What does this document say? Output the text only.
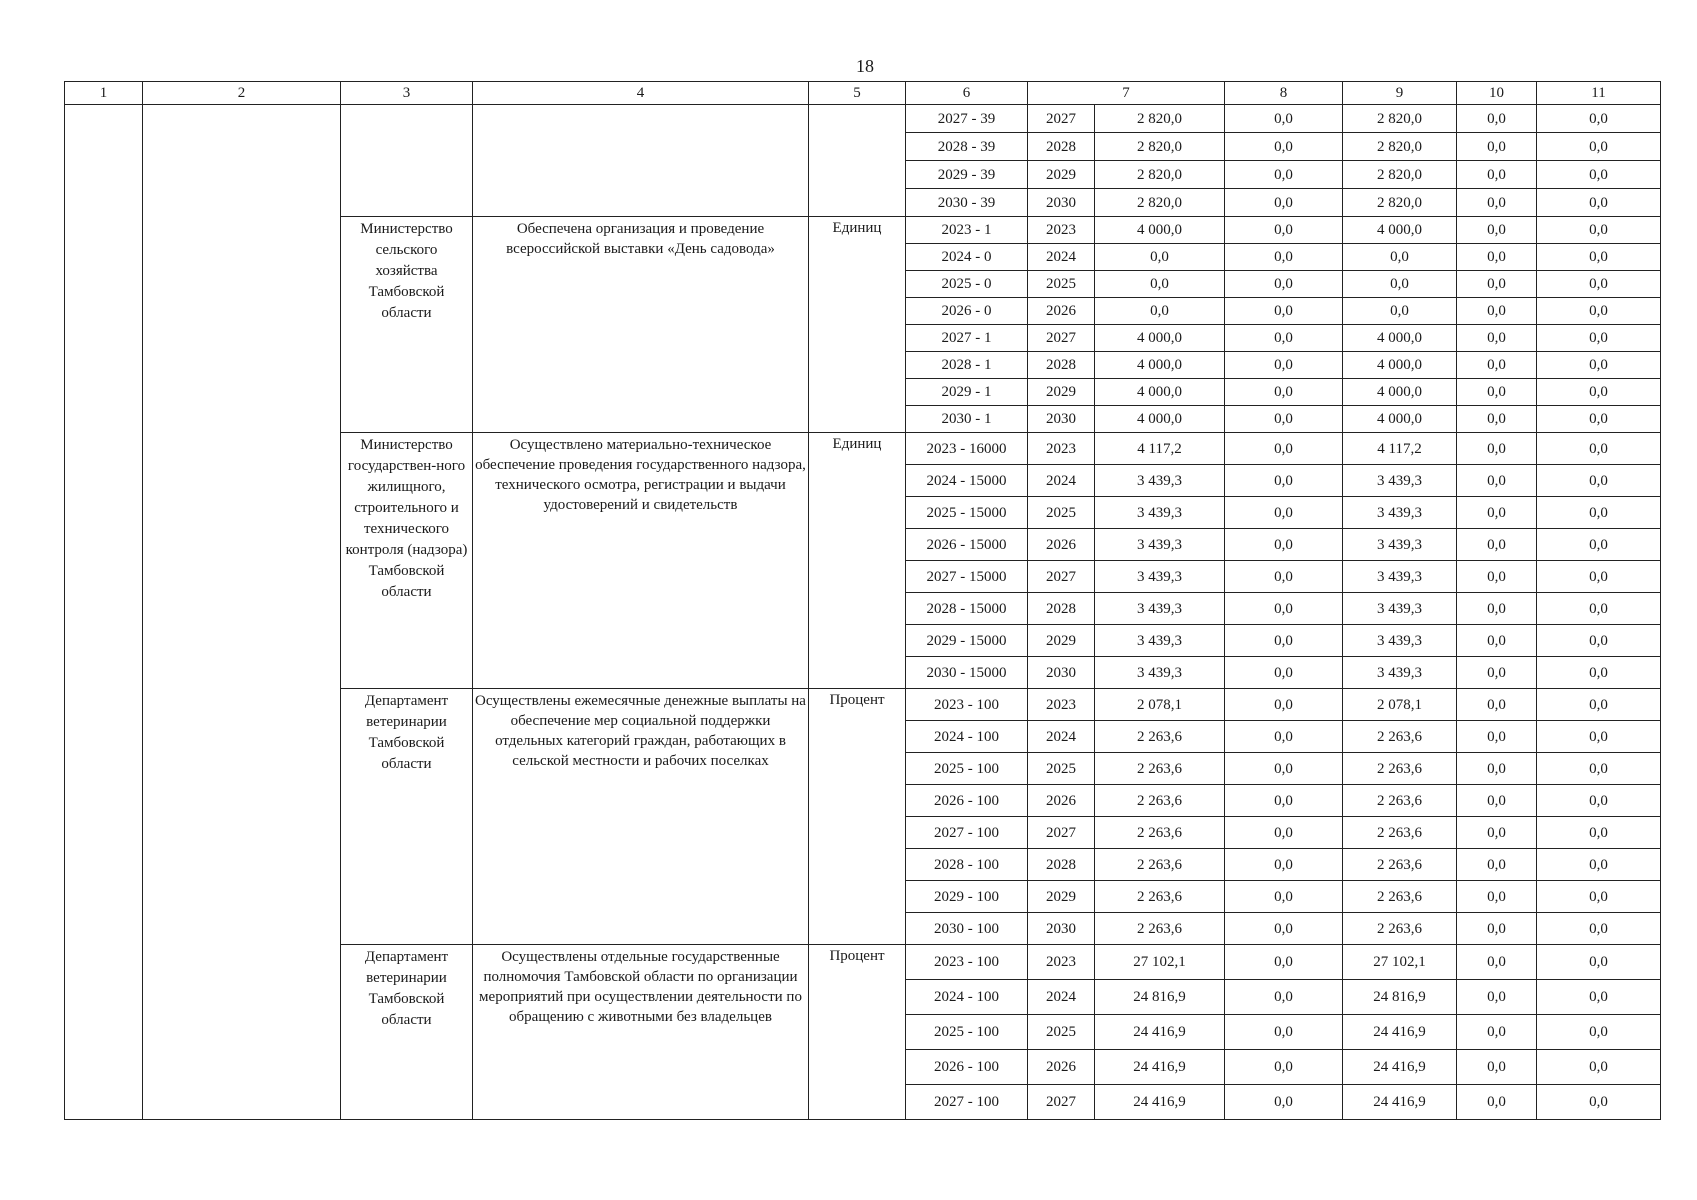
18
1	2	3	4	5	6	7		8	9	10	11
					2027 - 39	2027	2 820,0	0,0	2 820,0	0,0	0,0
					2028 - 39	2028	2 820,0	0,0	2 820,0	0,0	0,0
					2029 - 39	2029	2 820,0	0,0	2 820,0	0,0	0,0
					2030 - 39	2030	2 820,0	0,0	2 820,0	0,0	0,0
		Министерство сельского хозяйства Тамбовской области	Обеспечена организация и проведение всероссийской выставки «День садовода»	Единиц	2023 - 1	2023	4 000,0	0,0	4 000,0	0,0	0,0
					2024 - 0	2024	0,0	0,0	0,0	0,0	0,0
					2025 - 0	2025	0,0	0,0	0,0	0,0	0,0
					2026 - 0	2026	0,0	0,0	0,0	0,0	0,0
					2027 - 1	2027	4 000,0	0,0	4 000,0	0,0	0,0
					2028 - 1	2028	4 000,0	0,0	4 000,0	0,0	0,0
					2029 - 1	2029	4 000,0	0,0	4 000,0	0,0	0,0
					2030 - 1	2030	4 000,0	0,0	4 000,0	0,0	0,0
		Министерство государствен-ного жилищного, строительного и технического контроля (надзора) Тамбовской области	Осуществлено материально-техническое обеспечение проведения государственного надзора, технического осмотра, регистрации и выдачи удостоверений и свидетельств	Единиц	2023 - 16000	2023	4 117,2	0,0	4 117,2	0,0	0,0
					2024 - 15000	2024	3 439,3	0,0	3 439,3	0,0	0,0
					2025 - 15000	2025	3 439,3	0,0	3 439,3	0,0	0,0
					2026 - 15000	2026	3 439,3	0,0	3 439,3	0,0	0,0
					2027 - 15000	2027	3 439,3	0,0	3 439,3	0,0	0,0
					2028 - 15000	2028	3 439,3	0,0	3 439,3	0,0	0,0
					2029 - 15000	2029	3 439,3	0,0	3 439,3	0,0	0,0
					2030 - 15000	2030	3 439,3	0,0	3 439,3	0,0	0,0
		Департамент ветеринарии Тамбовской области	Осуществлены ежемесячные денежные выплаты на обеспечение мер социальной поддержки отдельных категорий граждан, работающих в сельской местности и рабочих поселках	Процент	2023 - 100	2023	2 078,1	0,0	2 078,1	0,0	0,0
					2024 - 100	2024	2 263,6	0,0	2 263,6	0,0	0,0
					2025 - 100	2025	2 263,6	0,0	2 263,6	0,0	0,0
					2026 - 100	2026	2 263,6	0,0	2 263,6	0,0	0,0
					2027 - 100	2027	2 263,6	0,0	2 263,6	0,0	0,0
					2028 - 100	2028	2 263,6	0,0	2 263,6	0,0	0,0
					2029 - 100	2029	2 263,6	0,0	2 263,6	0,0	0,0
					2030 - 100	2030	2 263,6	0,0	2 263,6	0,0	0,0
		Департамент ветеринарии Тамбовской области	Осуществлены отдельные государственные полномочия Тамбовской области по организации мероприятий при осуществлении деятельности по обращению с животными без владельцев	Процент	2023 - 100	2023	27 102,1	0,0	27 102,1	0,0	0,0
					2024 - 100	2024	24 816,9	0,0	24 816,9	0,0	0,0
					2025 - 100	2025	24 416,9	0,0	24 416,9	0,0	0,0
					2026 - 100	2026	24 416,9	0,0	24 416,9	0,0	0,0
					2027 - 100	2027	24 416,9	0,0	24 416,9	0,0	0,0
